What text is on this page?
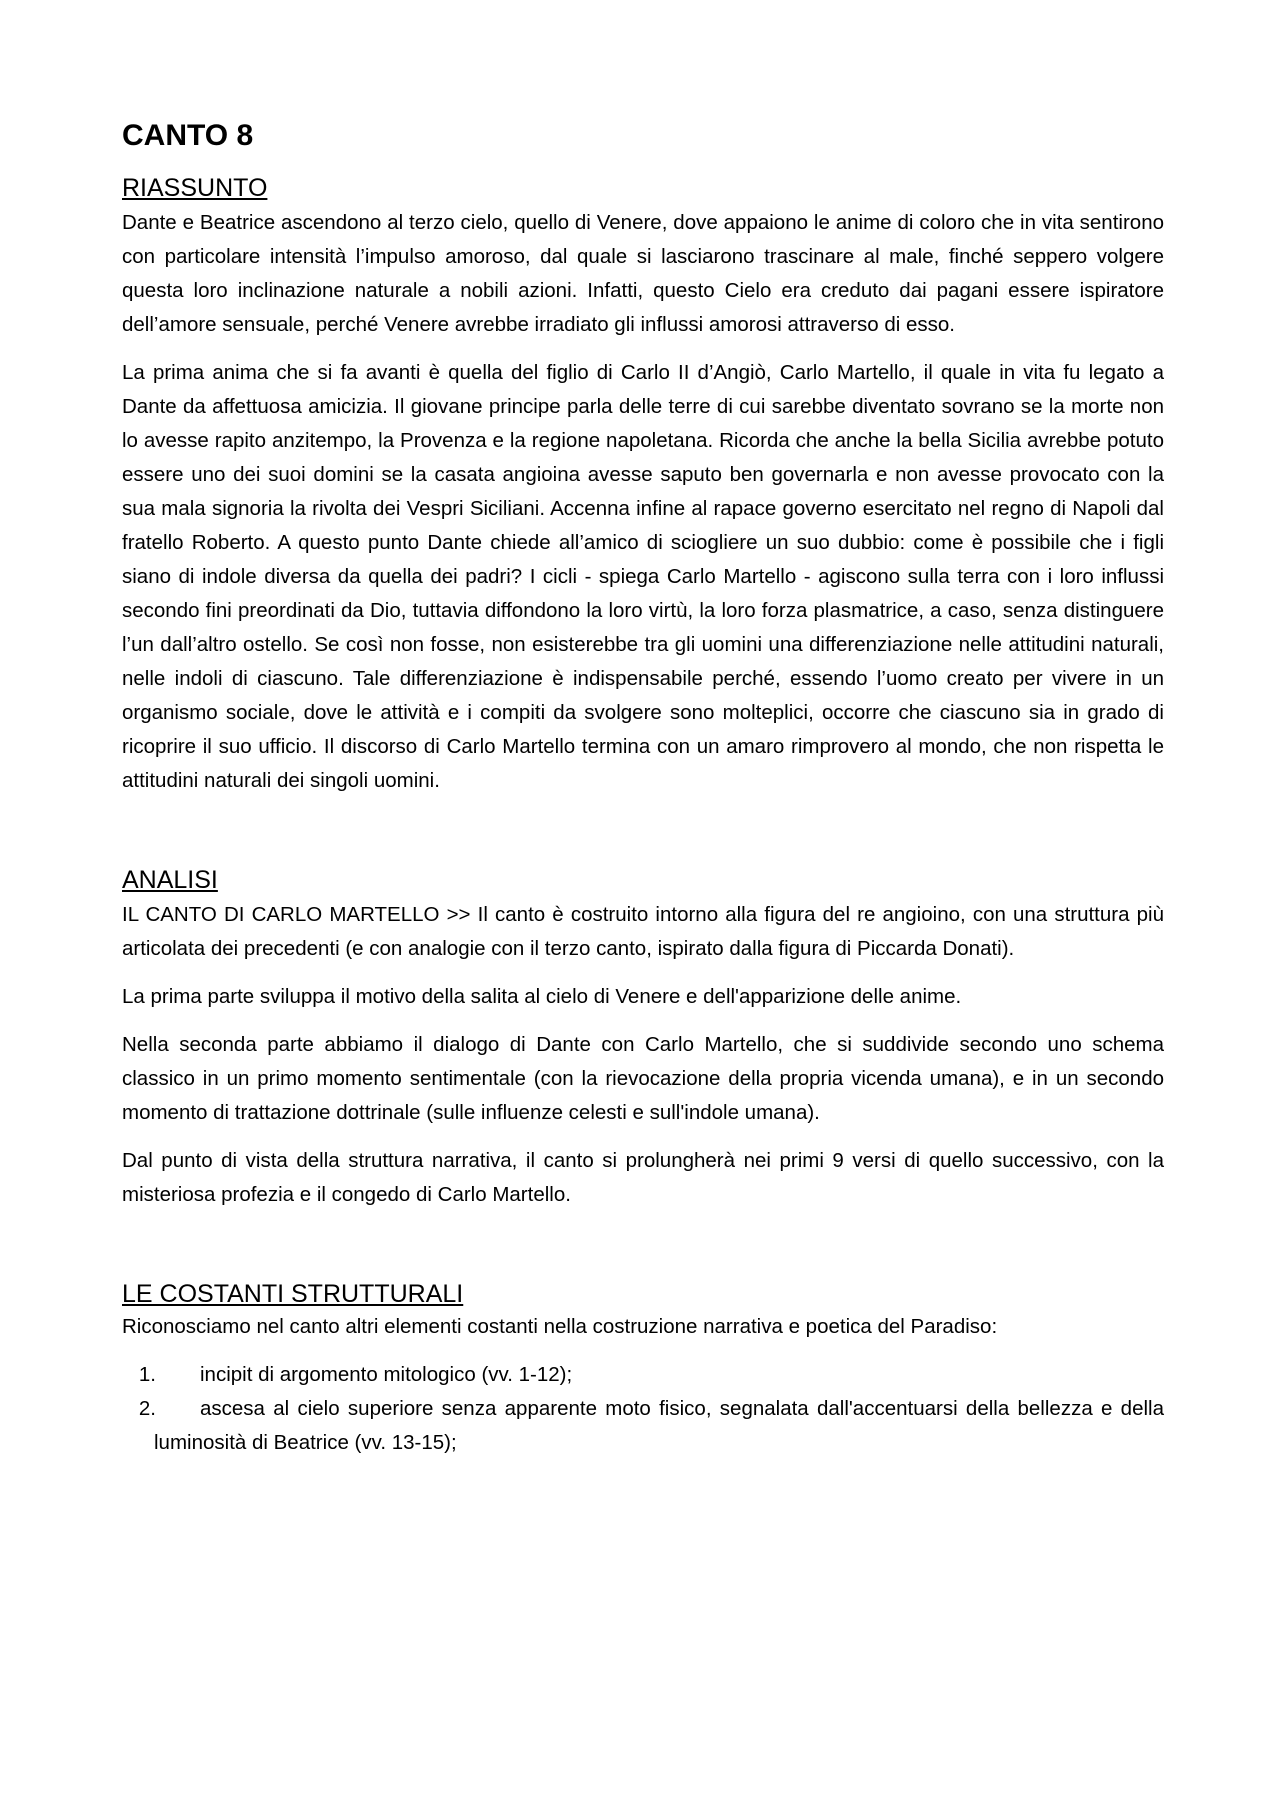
CANTO 8
RIASSUNTO

Dante e Beatrice ascendono al terzo cielo, quello di Venere, dove appaiono le anime di coloro che in vita sentirono con particolare intensità l’impulso amoroso, dal quale si lasciarono trascinare al male, finché seppero volgere questa loro inclinazione naturale a nobili azioni. Infatti, questo Cielo era creduto dai pagani essere ispiratore dell’amore sensuale, perché Venere avrebbe irradiato gli influssi amorosi attraverso di esso.

La prima anima che si fa avanti è quella del figlio di Carlo II d’Angiò, Carlo Martello, il quale in vita fu legato a Dante da affettuosa amicizia. Il giovane principe parla delle terre di cui sarebbe diventato sovrano se la morte non lo avesse rapito anzitempo, la Provenza e la regione napoletana. Ricorda che anche la bella Sicilia avrebbe potuto essere uno dei suoi domini se la casata angioina avesse saputo ben governarla e non avesse provocato con la sua mala signoria la rivolta dei Vespri Siciliani. Accenna infine al rapace governo esercitato nel regno di Napoli dal fratello Roberto. A questo punto Dante chiede all’amico di sciogliere un suo dubbio: come è possibile che i figli siano di indole diversa da quella dei padri? I cicli - spiega Carlo Martello - agiscono sulla terra con i loro influssi secondo fini preordinati da Dio, tuttavia diffondono la loro virtù, la loro forza plasmatrice, a caso, senza distinguere l’un dall’altro ostello. Se così non fosse, non esisterebbe tra gli uomini una differenziazione nelle attitudini naturali, nelle indoli di ciascuno. Tale differenziazione è indispensabile perché, essendo l’uomo creato per vivere in un organismo sociale, dove le attività e i compiti da svolgere sono molteplici, occorre che ciascuno sia in grado di ricoprire il suo ufficio. Il discorso di Carlo Martello termina con un amaro rimprovero al mondo, che non rispetta le attitudini naturali dei singoli uomini.

ANALISI

IL CANTO DI CARLO MARTELLO >> Il canto è costruito intorno alla figura del re angioino, con una struttura più articolata dei precedenti (e con analogie con il terzo canto, ispirato dalla figura di Piccarda Donati).

La prima parte sviluppa il motivo della salita al cielo di Venere e dell'apparizione delle anime.

Nella seconda parte abbiamo il dialogo di Dante con Carlo Martello, che si suddivide secondo uno schema classico in un primo momento sentimentale (con la rievocazione della propria vicenda umana), e in un secondo momento di trattazione dottrinale (sulle influenze celesti e sull'indole umana).

Dal punto di vista della struttura narrativa, il canto si prolungherà nei primi 9 versi di quello successivo, con la misteriosa profezia e il congedo di Carlo Martello.

LE COSTANTI STRUTTURALI

Riconosciamo nel canto altri elementi costanti nella costruzione narrativa e poetica del Paradiso:

1. incipit di argomento mitologico (vv. 1-12);
2.	ascesa al cielo superiore senza apparente moto fisico, segnalata dall'accentuarsi della bellezza e della luminosità di Beatrice (vv. 13-15);
